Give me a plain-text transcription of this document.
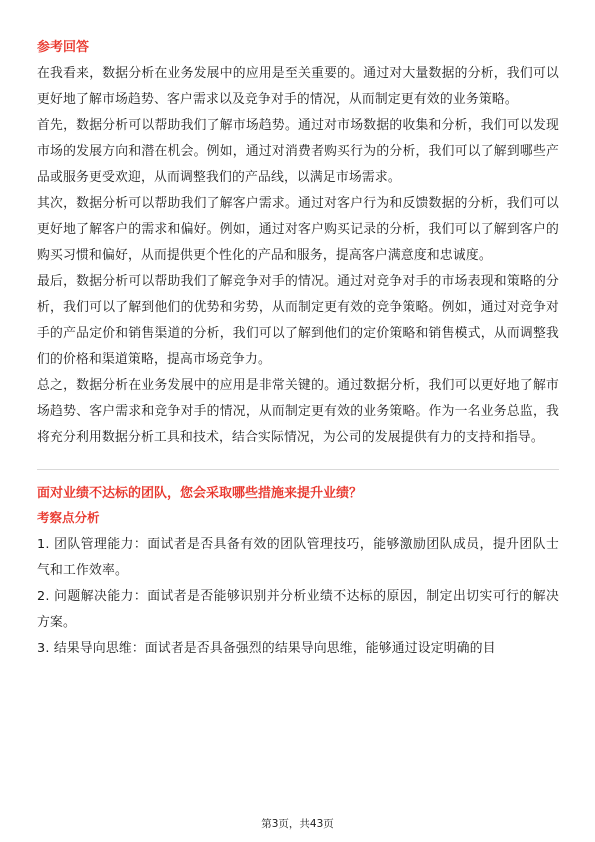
参考回答

在我看来，数据分析在业务发展中的应用是至关重要的。通过对大量数据的分析，我们可以更好地了解市场趋势、客户需求以及竞争对手的情况，从而制定更有效的业务策略。

首先，数据分析可以帮助我们了解市场趋势。通过对市场数据的收集和分析，我们可以发现市场的发展方向和潜在机会。例如，通过对消费者购买行为的分析，我们可以了解到哪些产品或服务更受欢迎，从而调整我们的产品线，以满足市场需求。

其次，数据分析可以帮助我们了解客户需求。通过对客户行为和反馈数据的分析，我们可以更好地了解客户的需求和偏好。例如，通过对客户购买记录的分析，我们可以了解到客户的购买习惯和偏好，从而提供更个性化的产品和服务，提高客户满意度和忠诚度。

最后，数据分析可以帮助我们了解竞争对手的情况。通过对竞争对手的市场表现和策略的分析，我们可以了解到他们的优势和劣势，从而制定更有效的竞争策略。例如，通过对竞争对手的产品定价和销售渠道的分析，我们可以了解到他们的定价策略和销售模式，从而调整我们的价格和渠道策略，提高市场竞争力。

总之，数据分析在业务发展中的应用是非常关键的。通过数据分析，我们可以更好地了解市场趋势、客户需求和竞争对手的情况，从而制定更有效的业务策略。作为一名业务总监，我将充分利用数据分析工具和技术，结合实际情况，为公司的发展提供有力的支持和指导。

面对业绩不达标的团队，您会采取哪些措施来提升业绩？
考察点分析

1. 团队管理能力：面试者是否具备有效的团队管理技巧，能够激励团队成员，提升团队士气和工作效率。

2. 问题解决能力：面试者是否能够识别并分析业绩不达标的原因，制定出切实可行的解决方案。

3. 结果导向思维：面试者是否具备强烈的结果导向思维，能够通过设定明确的目

第3页，共43页
